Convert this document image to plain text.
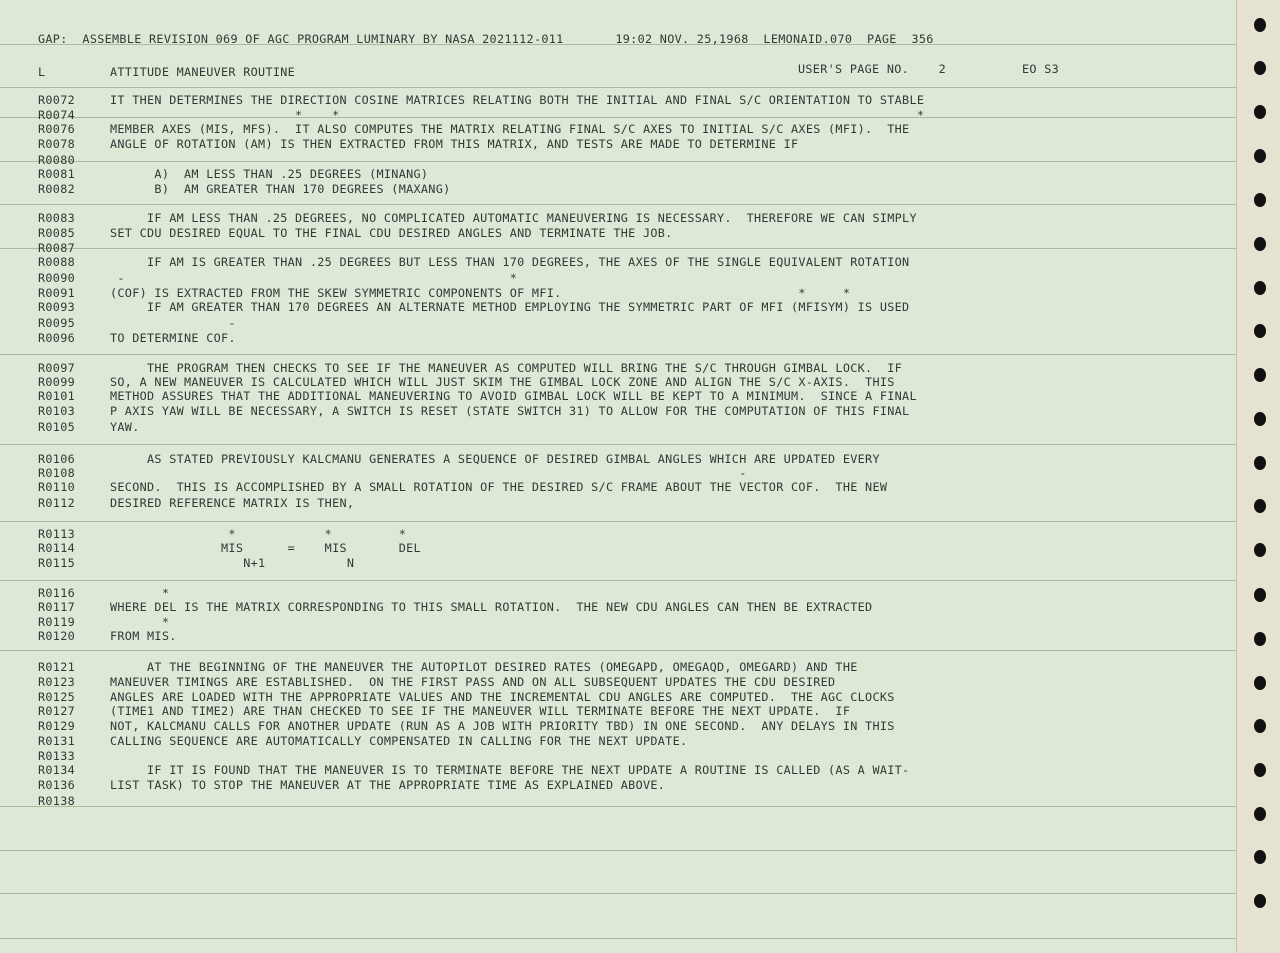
GAP:  ASSEMBLE REVISION 069 OF AGC PROGRAM LUMINARY BY NASA 2021112-011       19:02 NOV. 25,1968  LEMONAID.070  PAGE  356
L	ATTITUDE MANEUVER ROUTINE	USER'S PAGE NO.    2	EO S3
R0072	IT THEN DETERMINES THE DIRECTION COSINE MATRICES RELATING BOTH THE INITIAL AND FINAL S/C ORIENTATION TO STABLE
R0074	*    *                                                                              *
R0076	MEMBER AXES (MIS, MFS).  IT ALSO COMPUTES THE MATRIX RELATING FINAL S/C AXES TO INITIAL S/C AXES (MFI).  THE
R0078	ANGLE OF ROTATION (AM) IS THEN EXTRACTED FROM THIS MATRIX, AND TESTS ARE MADE TO DETERMINE IF
R0080
R0081	A)  AM LESS THAN .25 DEGREES (MINANG)
R0082	B)  AM GREATER THAN 170 DEGREES (MAXANG)
R0083	IF AM LESS THAN .25 DEGREES, NO COMPLICATED AUTOMATIC MANEUVERING IS NECESSARY.  THEREFORE WE CAN SIMPLY
R0085	SET CDU DESIRED EQUAL TO THE FINAL CDU DESIRED ANGLES AND TERMINATE THE JOB.
R0087
R0088	IF AM IS GREATER THAN .25 DEGREES BUT LESS THAN 170 DEGREES, THE AXES OF THE SINGLE EQUIVALENT ROTATION
R0090	-                                                    *
R0091	(COF) IS EXTRACTED FROM THE SKEW SYMMETRIC COMPONENTS OF MFI.                                *     *
R0093	IF AM GREATER THAN 170 DEGREES AN ALTERNATE METHOD EMPLOYING THE SYMMETRIC PART OF MFI (MFISYM) IS USED
R0095	-
R0096	TO DETERMINE COF.
R0097	THE PROGRAM THEN CHECKS TO SEE IF THE MANEUVER AS COMPUTED WILL BRING THE S/C THROUGH GIMBAL LOCK.  IF
R0099	SO, A NEW MANEUVER IS CALCULATED WHICH WILL JUST SKIM THE GIMBAL LOCK ZONE AND ALIGN THE S/C X-AXIS.  THIS
R0101	METHOD ASSURES THAT THE ADDITIONAL MANEUVERING TO AVOID GIMBAL LOCK WILL BE KEPT TO A MINIMUM.  SINCE A FINAL
R0103	P AXIS YAW WILL BE NECESSARY, A SWITCH IS RESET (STATE SWITCH 31) TO ALLOW FOR THE COMPUTATION OF THIS FINAL
R0105	YAW.
R0106	AS STATED PREVIOUSLY KALCMANU GENERATES A SEQUENCE OF DESIRED GIMBAL ANGLES WHICH ARE UPDATED EVERY
R0108	-
R0110	SECOND.  THIS IS ACCOMPLISHED BY A SMALL ROTATION OF THE DESIRED S/C FRAME ABOUT THE VECTOR COF.  THE NEW
R0112	DESIRED REFERENCE MATRIX IS THEN,
R0113	*            *         *
R0114	MIS      =    MIS       DEL
R0115	N+1           N
R0116	*
R0117	WHERE DEL IS THE MATRIX CORRESPONDING TO THIS SMALL ROTATION.  THE NEW CDU ANGLES CAN THEN BE EXTRACTED
R0119	*
R0120	FROM MIS.
R0121	AT THE BEGINNING OF THE MANEUVER THE AUTOPILOT DESIRED RATES (OMEGAPD, OMEGAQD, OMEGARD) AND THE
R0123	MANEUVER TIMINGS ARE ESTABLISHED.  ON THE FIRST PASS AND ON ALL SUBSEQUENT UPDATES THE CDU DESIRED
R0125	ANGLES ARE LOADED WITH THE APPROPRIATE VALUES AND THE INCREMENTAL CDU ANGLES ARE COMPUTED.  THE AGC CLOCKS
R0127	(TIME1 AND TIME2) ARE THAN CHECKED TO SEE IF THE MANEUVER WILL TERMINATE BEFORE THE NEXT UPDATE.  IF
R0129	NOT, KALCMANU CALLS FOR ANOTHER UPDATE (RUN AS A JOB WITH PRIORITY TBD) IN ONE SECOND.  ANY DELAYS IN THIS
R0131	CALLING SEQUENCE ARE AUTOMATICALLY COMPENSATED IN CALLING FOR THE NEXT UPDATE.
R0133
R0134	IF IT IS FOUND THAT THE MANEUVER IS TO TERMINATE BEFORE THE NEXT UPDATE A ROUTINE IS CALLED (AS A WAIT-
R0136	LIST TASK) TO STOP THE MANEUVER AT THE APPROPRIATE TIME AS EXPLAINED ABOVE.
R0138
